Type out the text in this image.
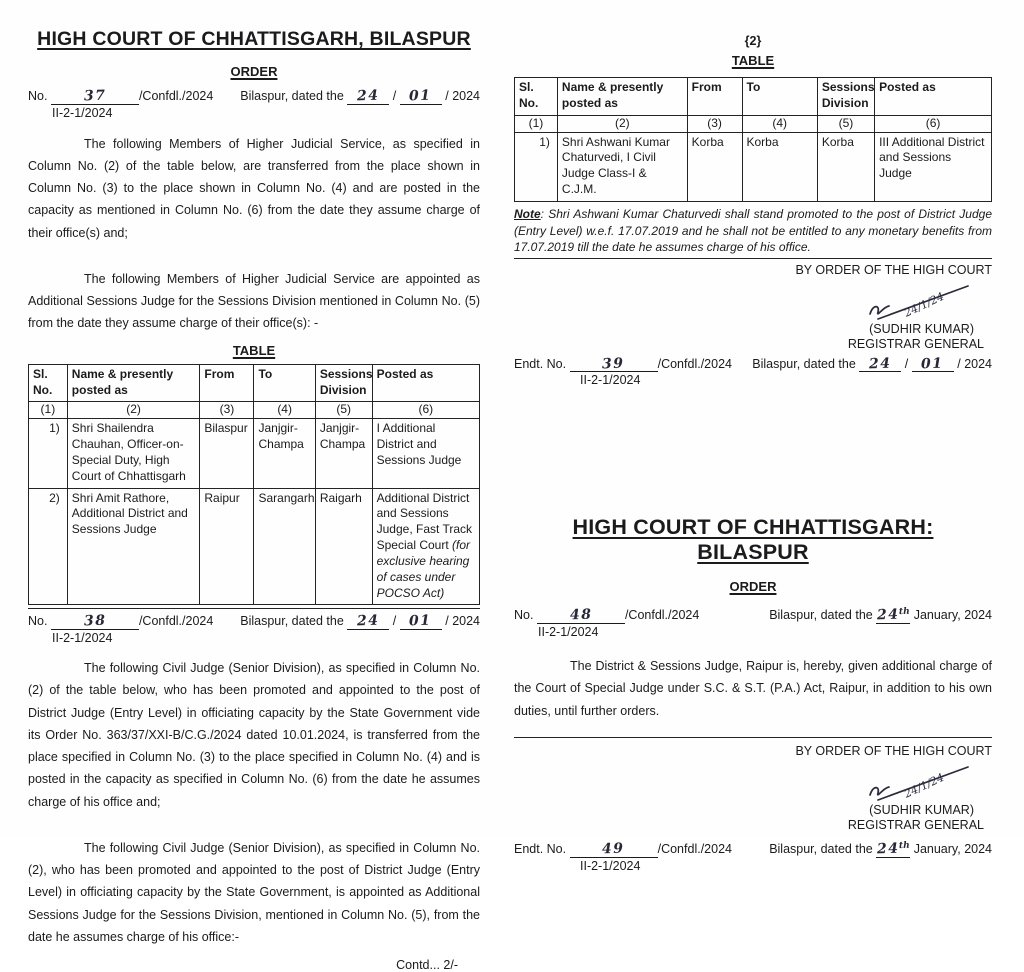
HIGH COURT OF CHHATTISGARH, BILASPUR
ORDER
No.	37	/Confdl./2024 Bilaspur, dated the 24 / 01 / 2024
II-2-1/2024

The following Members of Higher Judicial Service, as specified in Column No. (2) of the table below, are transferred from the place shown in Column No. (3) to the place shown in Column No. (4) and are posted in the capacity as mentioned in Column No. (6) from the date they assume charge of their office(s) and;

The following Members of Higher Judicial Service are appointed as Additional Sessions Judge for the Sessions Division mentioned in Column No. (5) from the date they assume charge of their office(s): -

TABLE
Sl. No.	Name & presently posted as	From	To	Sessions Division	Posted as
(1)	(2)	(3)	(4)	(5)	(6)
1)	Shri Shailendra Chauhan, Officer-on-Special Duty, High Court of Chhattisgarh	Bilaspur	Janjgir-Champa	Janjgir-Champa	I Additional District and Sessions Judge
2)	Shri Amit Rathore, Additional District and Sessions Judge	Raipur	Sarangarh	Raigarh	Additional District and Sessions Judge, Fast Track Special Court (for exclusive hearing of cases under POCSO Act)
No.	38	/Confdl./2024 Bilaspur, dated the 24 / 01 / 2024
II-2-1/2024

The following Civil Judge (Senior Division), as specified in Column No. (2) of the table below, who has been promoted and appointed to the post of District Judge (Entry Level) in officiating capacity by the State Government vide its Order No. 363/37/XXI-B/C.G./2024 dated 10.01.2024, is transferred from the place specified in Column No. (3) to the place specified in Column No. (4) and is posted in the capacity as specified in Column No. (6) from the date he assumes charge of his office and;

The following Civil Judge (Senior Division), as specified in Column No. (2), who has been promoted and appointed to the post of District Judge (Entry Level) in officiating capacity by the State Government, is appointed as Additional Sessions Judge for the Sessions Division, mentioned in Column No. (5), from the date he assumes charge of his office:-

Contd... 2/-
{2}
TABLE
Sl. No.	Name & presently posted as	From	To	Sessions Division	Posted as
(1)	(2)	(3)	(4)	(5)	(6)
1)	Shri Ashwani Kumar Chaturvedi, I Civil Judge Class-I & C.J.M.	Korba	Korba	Korba	III Additional District and Sessions Judge

Note: Shri Ashwani Kumar Chaturvedi shall stand promoted to the post of District Judge (Entry Level) w.e.f. 17.07.2019 and he shall not be entitled to any monetary benefits from 17.07.2019 till the date he assumes charge of his office.

BY ORDER OF THE HIGH COURT
24/1/24
(SUDHIR KUMAR)
REGISTRAR GENERAL
Endt. No.	39	/Confdl./2024 Bilaspur, dated the 24 / 01 / 2024
II-2-1/2024
HIGH COURT OF CHHATTISGARH: BILASPUR
ORDER
No.	48	/Confdl./2024	Bilaspur, dated the 24th January, 2024
II-2-1/2024

The District & Sessions Judge, Raipur is, hereby, given additional charge of the Court of Special Judge under S.C. & S.T. (P.A.) Act, Raipur, in addition to his own duties, until further orders.

BY ORDER OF THE HIGH COURT
24/1/24
(SUDHIR KUMAR)
REGISTRAR GENERAL
Endt. No.	49	/Confdl./2024	Bilaspur, dated the 24th January, 2024
II-2-1/2024
